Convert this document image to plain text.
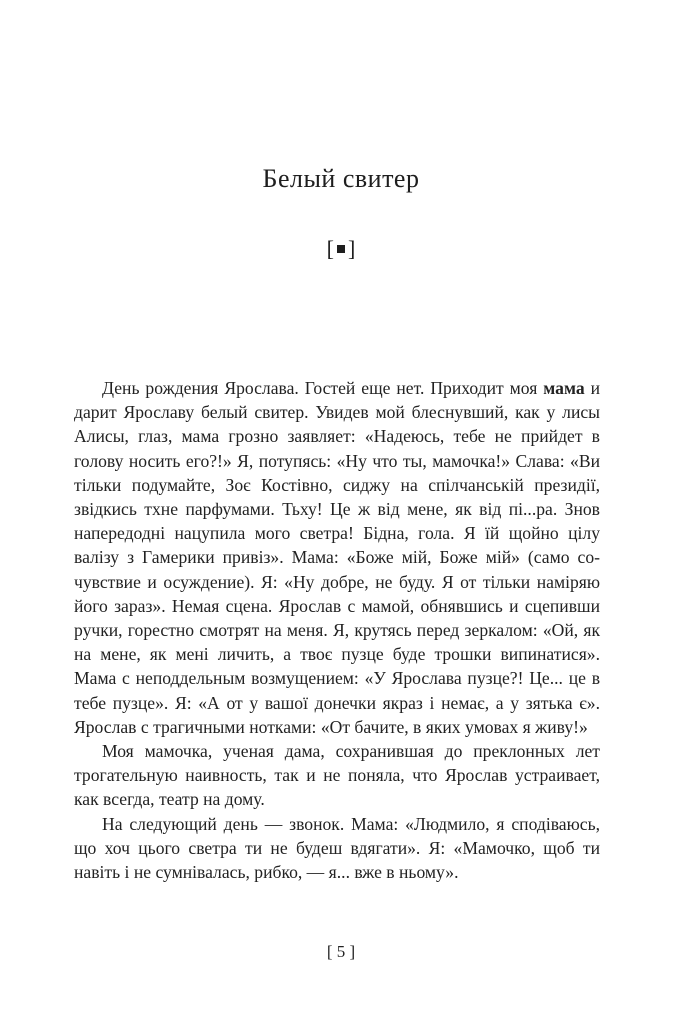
Белый свитер
[ ]

День рождения Ярослава. Гостей еще нет. Приходит моя мама и дарит Ярославу белый свитер. Увидев мой блеснувший, как у лисы Алисы, глаз, мама грозно заявляет: «Надеюсь, тебе не прийдет в голову носить его?!» Я, потупясь: «Ну что ты, мамочка!» Слава: «Ви тільки подумайте, Зоє Костівно, сиджу на спілчанській президії, звідкись тхне парфумами. Тьху! Це ж від мене, як від пі...ра. Знов напередодні нацупила мого светра! Бідна, гола. Я їй щойно цілу валізу з Гамерики привіз». Мама: «Боже мій, Боже мій» (само сочувствие и осуждение). Я: «Ну добре, не буду. Я от тільки наміряю його зараз». Немая сцена. Ярослав с мамой, обнявшись и сцепивши ручки, горестно смотрят на меня. Я, крутясь перед зеркалом: «Ой, як на мене, як мені личить, а твоє пузце буде трошки випинатися». Мама с неподдельным возмущением: «У Ярослава пузце?! Це... це в тебе пузце». Я: «А от у вашої донечки якраз і немає, а у зятька є». Ярослав с трагичными нотками: «От бачите, в яких умовах я живу!»

Моя мамочка, ученая дама, сохранившая до преклонных лет трогательную наивность, так и не поняла, что Ярослав устраивает, как всегда, театр на дому.

На следующий день — звонок. Мама: «Людмило, я сподіваюсь, що хоч цього светра ти не будеш вдягати». Я: «Мамочко, щоб ти навіть і не сумнівалась, рибко, — я... вже в ньому».

[ 5 ]
